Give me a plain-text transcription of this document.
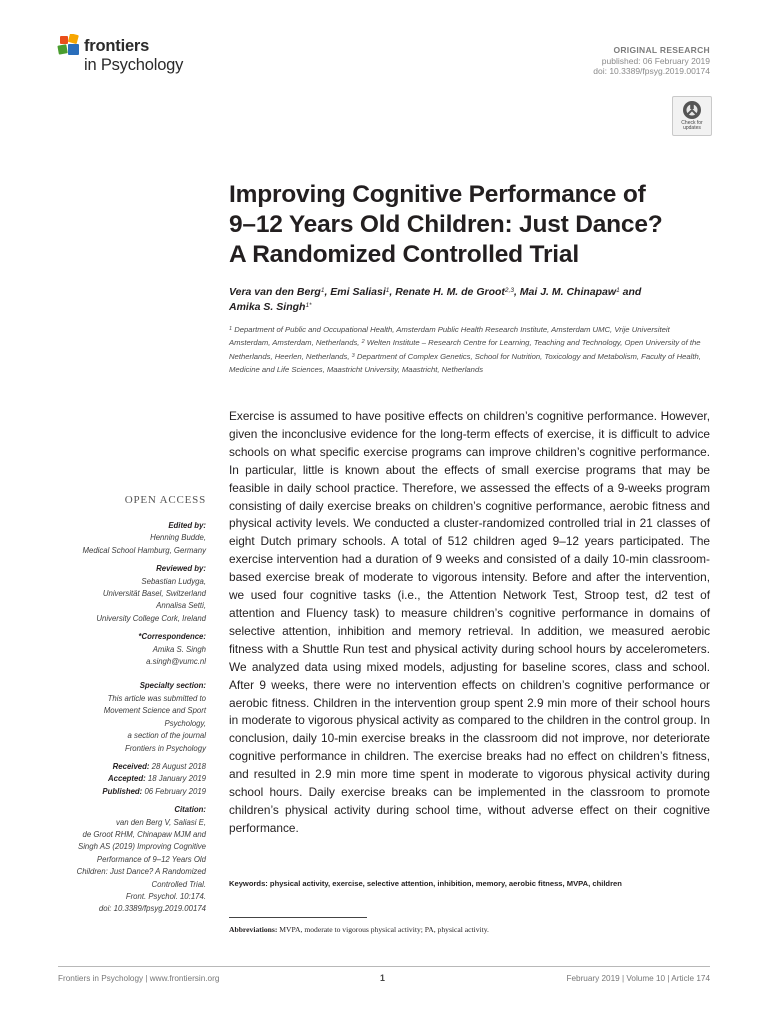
frontiers
in Psychology
ORIGINAL RESEARCH
published: 06 February 2019
doi: 10.3389/fpsyg.2019.00174
Check for updates
Improving Cognitive Performance of
9–12 Years Old Children: Just Dance?
A Randomized Controlled Trial
Vera van den Berg$^1$, Emi Saliasi$^1$, Renate H. M. de Groot$^{2,3}$, Mai J. M. Chinapaw$^1$ and
Amika S. Singh$^{1*}$
$^1$ Department of Public and Occupational Health, Amsterdam Public Health Research Institute, Amsterdam UMC, Vrije Universiteit Amsterdam, Amsterdam, Netherlands, $^2$ Welten Institute – Research Centre for Learning, Teaching and Technology, Open University of the Netherlands, Heerlen, Netherlands, $^3$ Department of Complex Genetics, School for Nutrition, Toxicology and Metabolism, Faculty of Health, Medicine and Life Sciences, Maastricht University, Maastricht, Netherlands
Exercise is assumed to have positive effects on children’s cognitive performance. However, given the inconclusive evidence for the long-term effects of exercise, it is difficult to advice schools on what specific exercise programs can improve children’s cognitive performance. In particular, little is known about the effects of small exercise programs that may be feasible in daily school practice. Therefore, we assessed the effects of a 9-weeks program consisting of daily exercise breaks on children’s cognitive performance, aerobic fitness and physical activity levels. We conducted a cluster-randomized controlled trial in 21 classes of eight Dutch primary schools. A total of 512 children aged 9–12 years participated. The exercise intervention had a duration of 9 weeks and consisted of a daily 10-min classroom-based exercise break of moderate to vigorous intensity. Before and after the intervention, we used four cognitive tasks (i.e., the Attention Network Test, Stroop test, d2 test of attention and Fluency task) to measure children’s cognitive performance in domains of selective attention, inhibition and memory retrieval. In addition, we measured aerobic fitness with a Shuttle Run test and physical activity during school hours by accelerometers. We analyzed data using mixed models, adjusting for baseline scores, class and school. After 9 weeks, there were no intervention effects on children’s cognitive performance or aerobic fitness. Children in the intervention group spent 2.9 min more of their school hours in moderate to vigorous physical activity as compared to the children in the control group. In conclusion, daily 10-min exercise breaks in the classroom did not improve, nor deteriorate cognitive performance in children. The exercise breaks had no effect on children’s fitness, and resulted in 2.9 min more time spent in moderate to vigorous physical activity during school hours. Daily exercise breaks can be implemented in the classroom to promote children’s physical activity during school time, without adverse effect on their cognitive performance.
Keywords: physical activity, exercise, selective attention, inhibition, memory, aerobic fitness, MVPA, children
Abbreviations: MVPA, moderate to vigorous physical activity; PA, physical activity.
OPEN ACCESS
Edited by:
Henning Budde,
Medical School Hamburg, Germany
Reviewed by:
Sebastian Ludyga,
Universität Basel, Switzerland
Annalisa Setti,
University College Cork, Ireland
*Correspondence:
Amika S. Singh
a.singh@vumc.nl
Specialty section:
This article was submitted to
Movement Science and Sport
Psychology,
a section of the journal
Frontiers in Psychology
Received: 28 August 2018
Accepted: 18 January 2019
Published: 06 February 2019
Citation:
van den Berg V, Saliasi E,
de Groot RHM, Chinapaw MJM and
Singh AS (2019) Improving Cognitive
Performance of 9–12 Years Old
Children: Just Dance? A Randomized
Controlled Trial.
Front. Psychol. 10:174.
doi: 10.3389/fpsyg.2019.00174
Frontiers in Psychology | www.frontiersin.org	1	February 2019 | Volume 10 | Article 174
